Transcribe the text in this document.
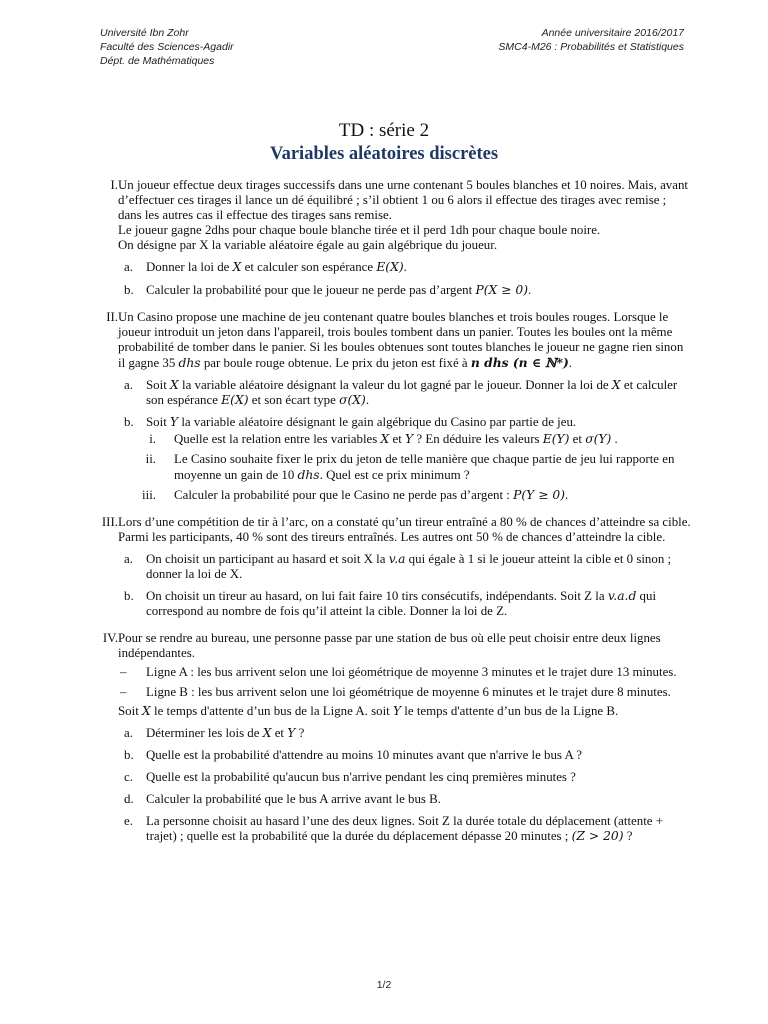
Université Ibn Zohr
Faculté des Sciences-Agadir
Dépt. de Mathématiques
Année universitaire 2016/2017
SMC4-M26 : Probabilités et Statistiques
TD : série 2
Variables aléatoires discrètes
I. Un joueur effectue deux tirages successifs dans une urne contenant 5 boules blanches et 10 noires. Mais, avant d’effectuer ces tirages il lance un dé équilibré ; s’il obtient 1 ou 6 alors il effectue des tirages avec remise ; dans les autres cas il effectue des tirages sans remise.

Le joueur gagne 2dhs pour chaque boule blanche tirée et il perd 1dh pour chaque boule noire.

On désigne par X la variable aléatoire égale au gain algébrique du joueur.

a.	Donner la loi de X et calculer son espérance E(X).
b. Calculer la probabilité pour que le joueur ne perde pas d’argent P(X ≥ 0).
II. Un Casino propose une machine de jeu contenant quatre boules blanches et trois boules rouges. Lorsque le joueur introduit un jeton dans l'appareil, trois boules tombent dans un panier. Toutes les boules ont la même probabilité de tomber dans le panier. Si les boules obtenues sont toutes blanches le joueur ne gagne rien sinon il gagne 35 dhs par boule rouge obtenue. Le prix du jeton est fixé à n dhs (n ∈ ℕ*).

a.	Soit X la variable aléatoire désignant la valeur du lot gagné par le joueur. Donner la loi de X et calculer son espérance E(X) et son écart type σ(X).
b. Soit Y la variable aléatoire désignant le gain algébrique du Casino par partie de jeu.
i.	Quelle est la relation entre les variables X et Y ? En déduire les valeurs E(Y) et σ(Y) .
ii.	Le Casino souhaite fixer le prix du jeton de telle manière que chaque partie de jeu lui rapporte en moyenne un gain de 10 dhs. Quel est ce prix minimum ?
iii.	Calculer la probabilité pour que le Casino ne perde pas d’argent : P(Y ≥ 0).
III. Lors d’une compétition de tir à l’arc, on a constaté qu’un tireur entraîné a 80 % de chances d’atteindre sa cible. Parmi les participants, 40 % sont des tireurs entraînés. Les autres ont 50 % de chances d’atteindre la cible.

a.	On choisit un participant au hasard et soit X la v.a qui égale à 1 si le joueur atteint la cible et 0 sinon ; donner la loi de X.
b. On choisit un tireur au hasard, on lui fait faire 10 tirs consécutifs, indépendants. Soit Z la v.a.d qui correspond au nombre de fois qu’il atteint la cible. Donner la loi de Z.
IV. Pour se rendre au bureau, une personne passe par une station de bus où elle peut choisir entre deux lignes indépendantes.

–	Ligne A : les bus arrivent selon une loi géométrique de moyenne 3 minutes et le trajet dure 13 minutes.
–	Ligne B : les bus arrivent selon une loi géométrique de moyenne 6 minutes et le trajet dure 8 minutes.

Soit X le temps d'attente d’un bus de la Ligne A. soit Y le temps d'attente d’un bus de la Ligne B.

a.	Déterminer les lois de X et Y ?
b. Quelle est la probabilité d'attendre au moins 10 minutes avant que n'arrive le bus A ?
c.	Quelle est la probabilité qu'aucun bus n'arrive pendant les cinq premières minutes ?
d. Calculer la probabilité que le bus A arrive avant le bus B.
e.	La personne choisit au hasard l’une des deux lignes. Soit Z la durée totale du déplacement (attente + trajet) ; quelle est la probabilité que la durée du déplacement dépasse 20 minutes ; (Z > 20) ?
1/2
